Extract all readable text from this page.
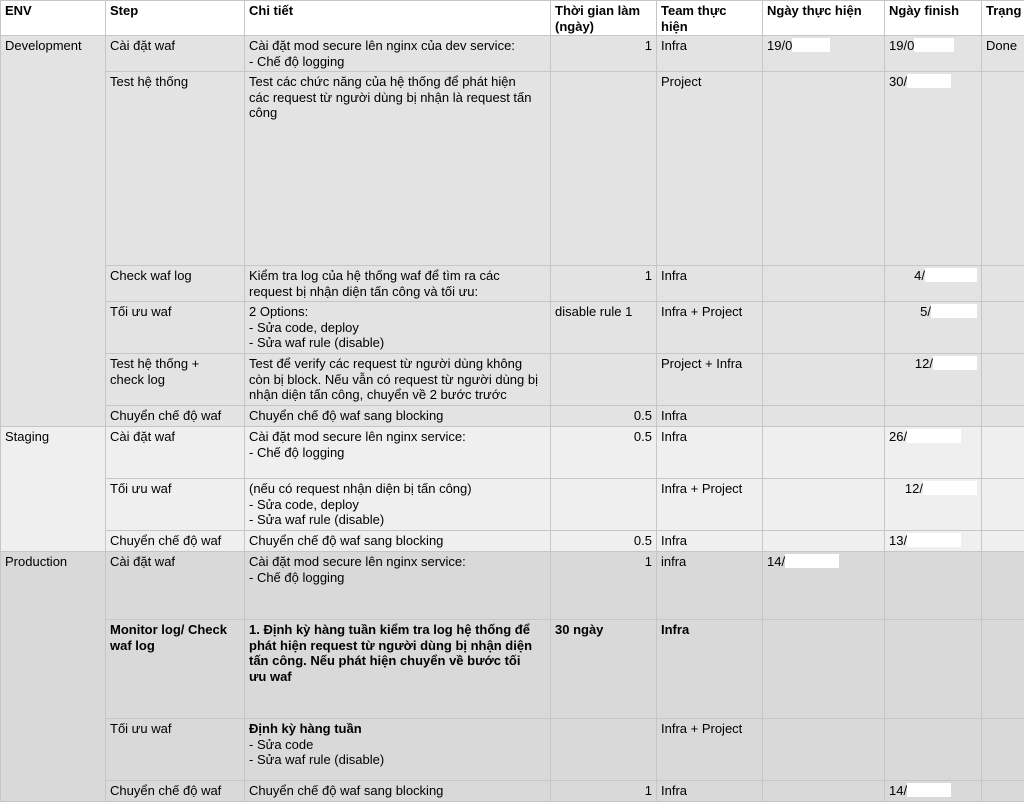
ENV	Step	Chi tiết	Thời gian làm
(ngày)	Team thực
hiện	Ngày thực hiện	Ngày finish	Trạng
Development	Cài đặt waf	Cài đặt mod secure lên nginx của dev service:
- Chế độ logging	1	Infra	19/0	19/0	Done
	Test hệ thống	Test các chức năng của hệ thống để phát hiện
các request từ người dùng bị nhận là request tấn
công		Project		30/	
	Check waf log	Kiểm tra log của hệ thống waf để tìm ra các
request bị nhận diện tấn công và tối ưu:	1	Infra		4/	
	Tối ưu waf	2 Options:
- Sửa code, deploy
- Sửa waf rule (disable)	disable rule 1	Infra + Project		5/	
	Test hệ thống +
check log	Test để verify các request từ người dùng không
còn bị block. Nếu vẫn có request từ người dùng bị
nhận diện tấn công, chuyển về 2 bước trước		Project + Infra		12/	
	Chuyển chế độ waf	Chuyển chế độ waf sang blocking	0.5	Infra			
Staging	Cài đặt waf	Cài đặt mod secure lên nginx service:
- Chế độ logging	0.5	Infra		26/	
	Tối ưu waf	(nếu có request nhận diện bị tấn công)
- Sửa code, deploy
- Sửa waf rule (disable)		Infra + Project		12/	
	Chuyển chế độ waf	Chuyển chế độ waf sang blocking	0.5	Infra		13/	
Production	Cài đặt waf	Cài đặt mod secure lên nginx service:
- Chế độ logging	1	infra	14/		
	Monitor log/ Check
waf log	1. Định kỳ hàng tuần kiểm tra log hệ thống để
phát hiện request từ người dùng bị nhận diện
tấn công. Nếu phát hiện chuyển về bước tối
ưu waf	30 ngày	Infra			
	Tối ưu waf	Định kỳ hàng tuần
- Sửa code
- Sửa waf rule (disable)		Infra + Project			
	Chuyển chế độ waf	Chuyển chế độ waf sang blocking	1	Infra		14/	
